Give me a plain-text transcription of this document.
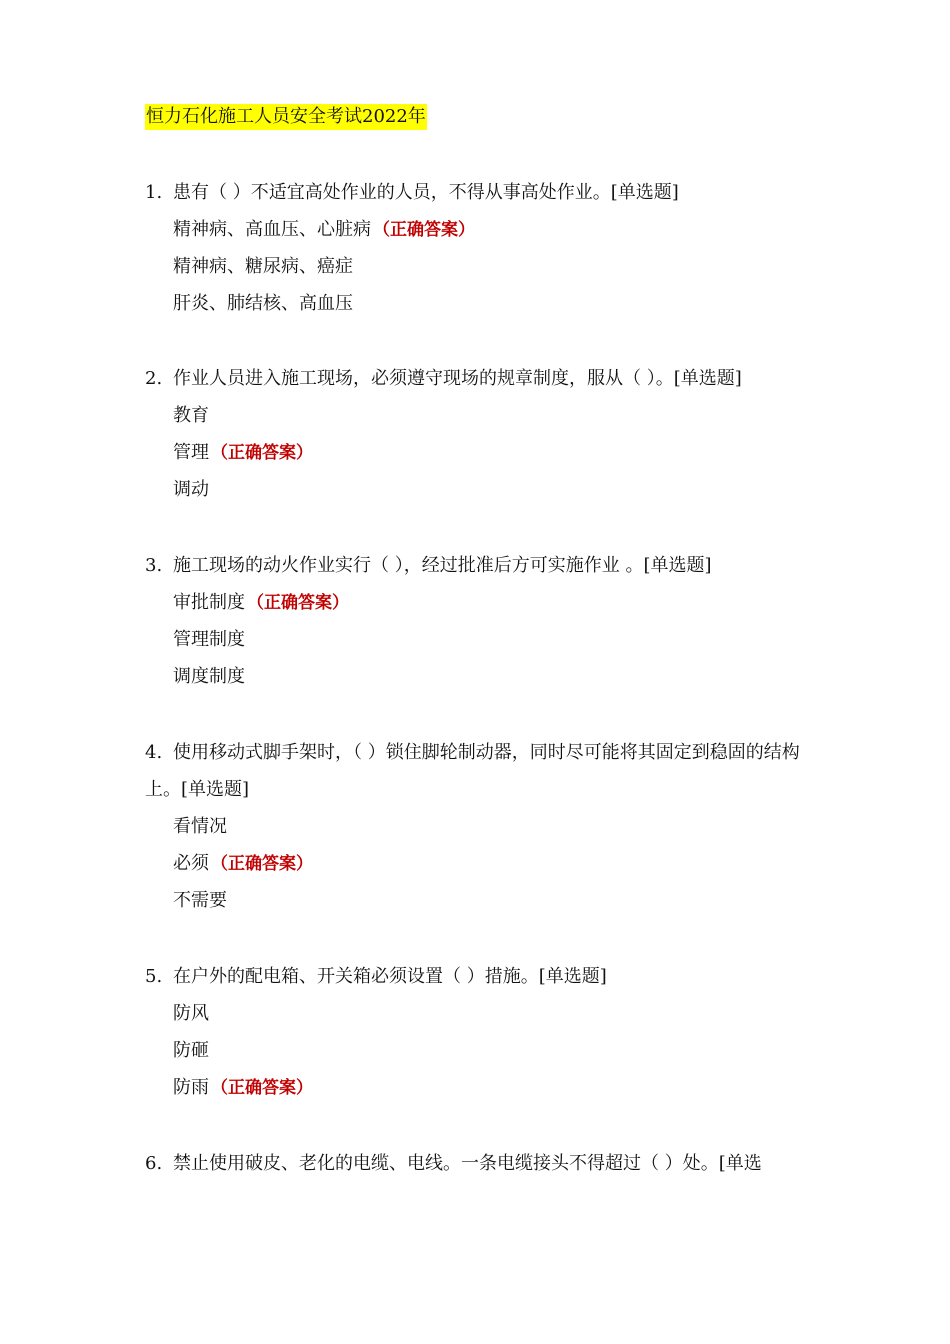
恒力石化施工人员安全考试2022年
1. 患有（ ）不适宜高处作业的人员，不得从事高处作业。[单选题]
精神病、高血压、心脏病 （正确答案）
精神病、糖尿病、癌症
肝炎、肺结核、高血压
2. 作业人员进入施工现场，必须遵守现场的规章制度，服从（ ）。[单选题]
教育
管理 （正确答案）
调动
3. 施工现场的动火作业实行（ ），经过批准后方可实施作业 。[单选题]
审批制度 （正确答案）
管理制度
调度制度
4. 使用移动式脚手架时，（ ）锁住脚轮制动器，同时尽可能将其固定到稳固的结构上。[单选题]
看情况
必须 （正确答案）
不需要
5. 在户外的配电箱、开关箱必须设置（ ）措施。[单选题]
防风
防砸
防雨 （正确答案）
6. 禁止使用破皮、老化的电缆、电线。一条电缆接头不得超过（ ）处。[单选
